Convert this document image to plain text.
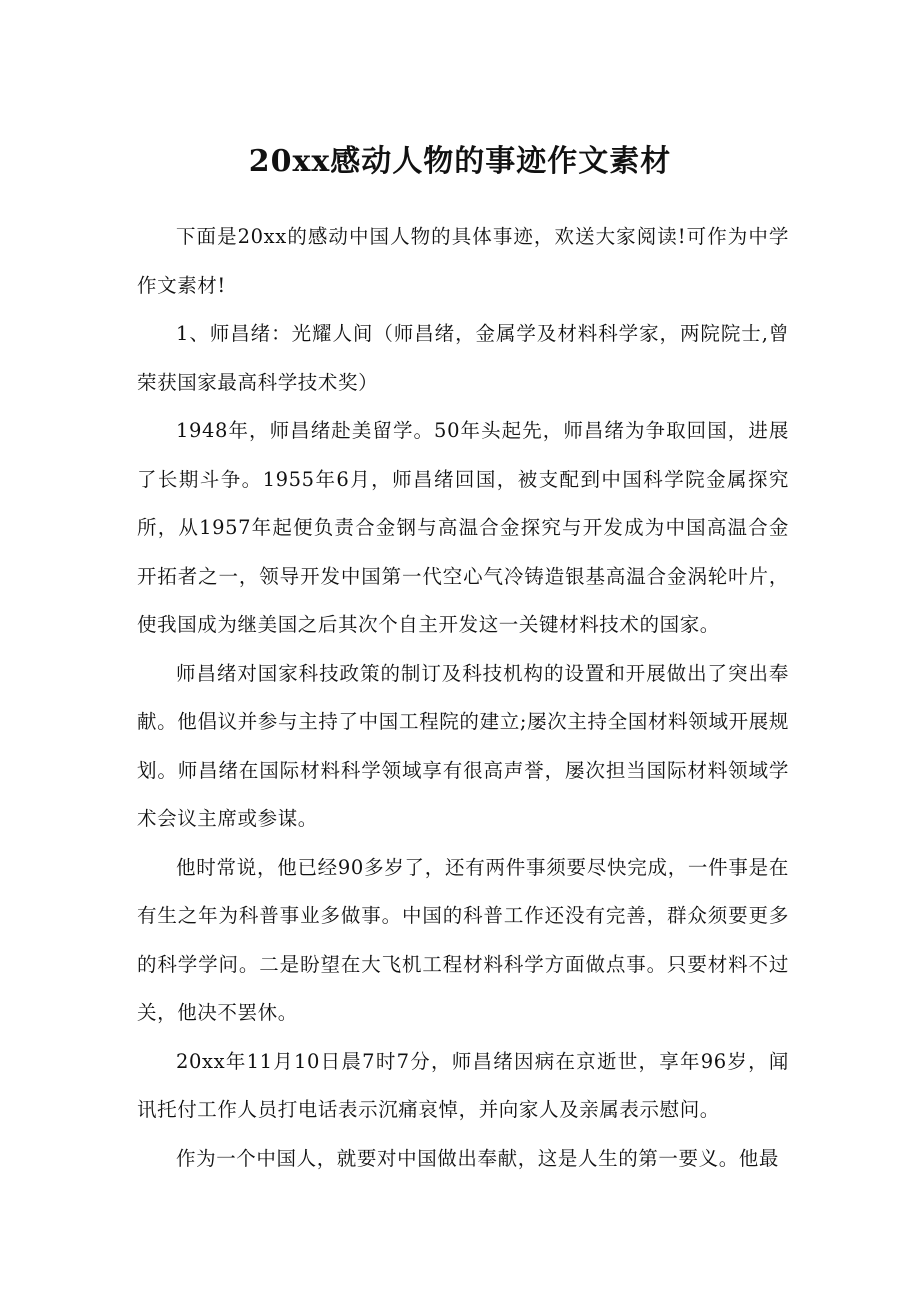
20xx感动人物的事迹作文素材

下面是20xx的感动中国人物的具体事迹，欢送大家阅读!可作为中学作文素材!

1、师昌绪：光耀人间（师昌绪，金属学及材料科学家，两院院士,曾荣获国家最高科学技术奖）

1948年，师昌绪赴美留学。50年头起先，师昌绪为争取回国，进展了长期斗争。1955年6月，师昌绪回国，被支配到中国科学院金属探究所，从1957年起便负责合金钢与高温合金探究与开发成为中国高温合金开拓者之一，领导开发中国第一代空心气冷铸造银基高温合金涡轮叶片，使我国成为继美国之后其次个自主开发这一关键材料技术的国家。

师昌绪对国家科技政策的制订及科技机构的设置和开展做出了突出奉献。他倡议并参与主持了中国工程院的建立;屡次主持全国材料领域开展规划。师昌绪在国际材料科学领域享有很高声誉，屡次担当国际材料领域学术会议主席或参谋。

他时常说，他已经90多岁了，还有两件事须要尽快完成，一件事是在有生之年为科普事业多做事。中国的科普工作还没有完善，群众须要更多的科学学问。二是盼望在大飞机工程材料科学方面做点事。只要材料不过关，他决不罢休。

20xx年11月10日晨7时7分，师昌绪因病在京逝世，享年96岁，闻讯托付工作人员打电话表示沉痛哀悼，并向家人及亲属表示慰问。

作为一个中国人，就要对中国做出奉献，这是人生的第一要义。他最
